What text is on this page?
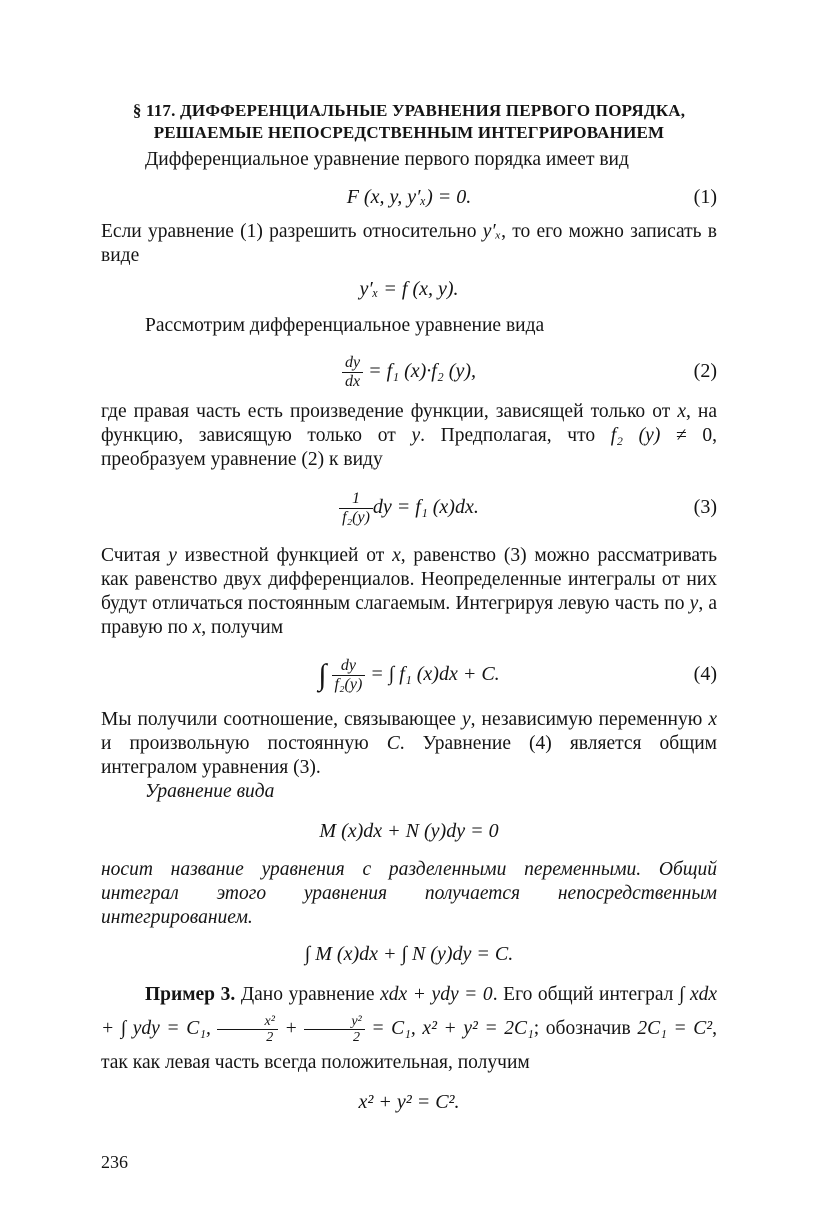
§ 117. ДИФФЕРЕНЦИАЛЬНЫЕ УРАВНЕНИЯ ПЕРВОГО ПОРЯДКА,
РЕШАЕМЫЕ НЕПОСРЕДСТВЕННЫМ ИНТЕГРИРОВАНИЕМ

Дифференциальное уравнение первого порядка имеет вид

F (x, y, y′ₓ) = 0.	(1)

Если уравнение (1) разрешить относительно y′ₓ, то его можно записать в виде

y′ₓ = f (x, y).

Рассмотрим дифференциальное уравнение вида

$\frac{dy}{dx} = f_1$ (x)·f₂ (y),	(2)

где правая часть есть произведение функции, зависящей только от x, на функцию, зависящую только от y. Предполагая, что f₂ (y) ≠ 0, преобразуем уравнение (2) к виду

$\frac{1}{\text{f₂(y)}}$ dy = f₁ (x)dx.	(3)

Считая y известной функцией от x, равенство (3) можно рассматривать как равенство двух дифференциалов. Неопределенные интегралы от них будут отличаться постоянным слагаемым. Интегрируя левую часть по y, а правую по x, получим

∫ $\frac{dy}{\text{f₂(y)}}$ = ∫ f₁ (x)dx + C.	(4)

Мы получили соотношение, связывающее y, независимую переменную x и произвольную постоянную C. Уравнение (4) является общим интегралом уравнения (3).

Уравнение вида

M (x)dx + N (y)dy = 0

носит название уравнения с разделенными переменными. Общий интеграл этого уравнения получается непосредственным интегрированием.

∫ M (x)dx + ∫ N (y)dy = C.

Пример 3. Дано уравнение xdx + ydy = 0. Его общий интеграл ∫ xdx + ∫ ydy = C₁, $\frac{\text{x²}}{2} + \frac{\text{y²}}{2} = C_1$, x² + y² = 2C₁; обозначив 2C₁ = C², так как левая часть всегда положительная, получим

x² + y² = C².
236
